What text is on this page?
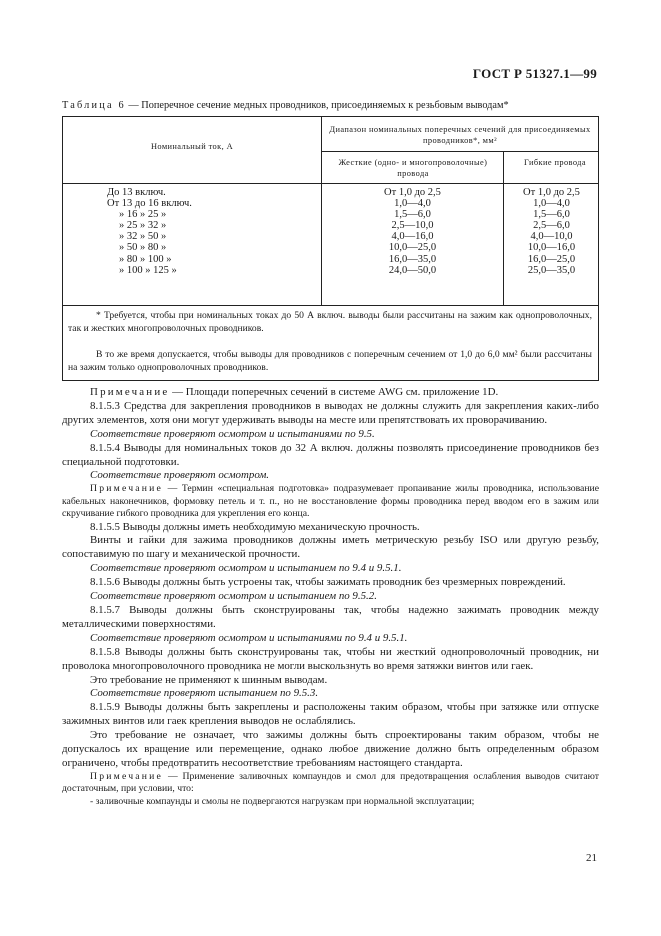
ГОСТ Р 51327.1—99
Таблица 6 — Поперечное сечение медных проводников, присоединяемых к резьбовым выводам*
Номинальный ток, А
Диапазон номинальных поперечных сечений для присоединяемых проводников*, мм²
Жесткие (одно- и многопроволочные) провода
Гибкие провода
До 13 включ.
От 13 до 16 включ.
» 16 » 25 »
» 25 » 32 »
» 32 » 50 »
» 50 » 80 »
» 80 » 100 »
» 100 » 125 »
От 1,0 до 2,5
1,0—4,0
1,5—6,0
2,5—10,0
4,0—16,0
10,0—25,0
16,0—35,0
24,0—50,0
От 1,0 до 2,5
1,0—4,0
1,5—6,0
2,5—6,0
4,0—10,0
10,0—16,0
16,0—25,0
25,0—35,0
* Требуется, чтобы при номинальных токах до 50 А включ. выводы были рассчитаны на зажим как однопроволочных, так и жестких многопроволочных проводников.
В то же время допускается, чтобы выводы для проводников с поперечным сечением от 1,0 до 6,0 мм² были рассчитаны на зажим только однопроволочных проводников.

Примечание — Площади поперечных сечений в системе AWG см. приложение 1D.

8.1.5.3 Средства для закрепления проводников в выводах не должны служить для закрепления каких-либо других элементов, хотя они могут удерживать выводы на месте или препятствовать их проворачиванию.

Соответствие проверяют осмотром и испытаниями по 9.5.

8.1.5.4 Выводы для номинальных токов до 32 А включ. должны позволять присоединение проводников без специальной подготовки.

Соответствие проверяют осмотром.

Примечание — Термин «специальная подготовка» подразумевает пропаивание жилы проводника, использование кабельных наконечников, формовку петель и т. п., но не восстановление формы проводника перед вводом его в зажим или скручивание гибкого проводника для укрепления его конца.

8.1.5.5 Выводы должны иметь необходимую механическую прочность.

Винты и гайки для зажима проводников должны иметь метрическую резьбу ISO или другую резьбу, сопоставимую по шагу и механической прочности.

Соответствие проверяют осмотром и испытанием по 9.4 и 9.5.1.

8.1.5.6 Выводы должны быть устроены так, чтобы зажимать проводник без чрезмерных повреждений.

Соответствие проверяют осмотром и испытанием по 9.5.2.

8.1.5.7 Выводы должны быть сконструированы так, чтобы надежно зажимать проводник между металлическими поверхностями.

Соответствие проверяют осмотром и испытаниями по 9.4 и 9.5.1.

8.1.5.8 Выводы должны быть сконструированы так, чтобы ни жесткий однопроволочный проводник, ни проволока многопроволочного проводника не могли выскользнуть во время затяжки винтов или гаек.

Это требование не применяют к шинным выводам.

Соответствие проверяют испытанием по 9.5.3.

8.1.5.9 Выводы должны быть закреплены и расположены таким образом, чтобы при затяжке или отпуске зажимных винтов или гаек крепления выводов не ослаблялись.

Это требование не означает, что зажимы должны быть спроектированы таким образом, чтобы не допускалось их вращение или перемещение, однако любое движение должно быть определенным образом ограничено, чтобы предотвратить несоответствие требованиям настоящего стандарта.

Примечание — Применение заливочных компаундов и смол для предотвращения ослабления выводов считают достаточным, при условии, что:

- заливочные компаунды и смолы не подвергаются нагрузкам при нормальной эксплуатации;

21
